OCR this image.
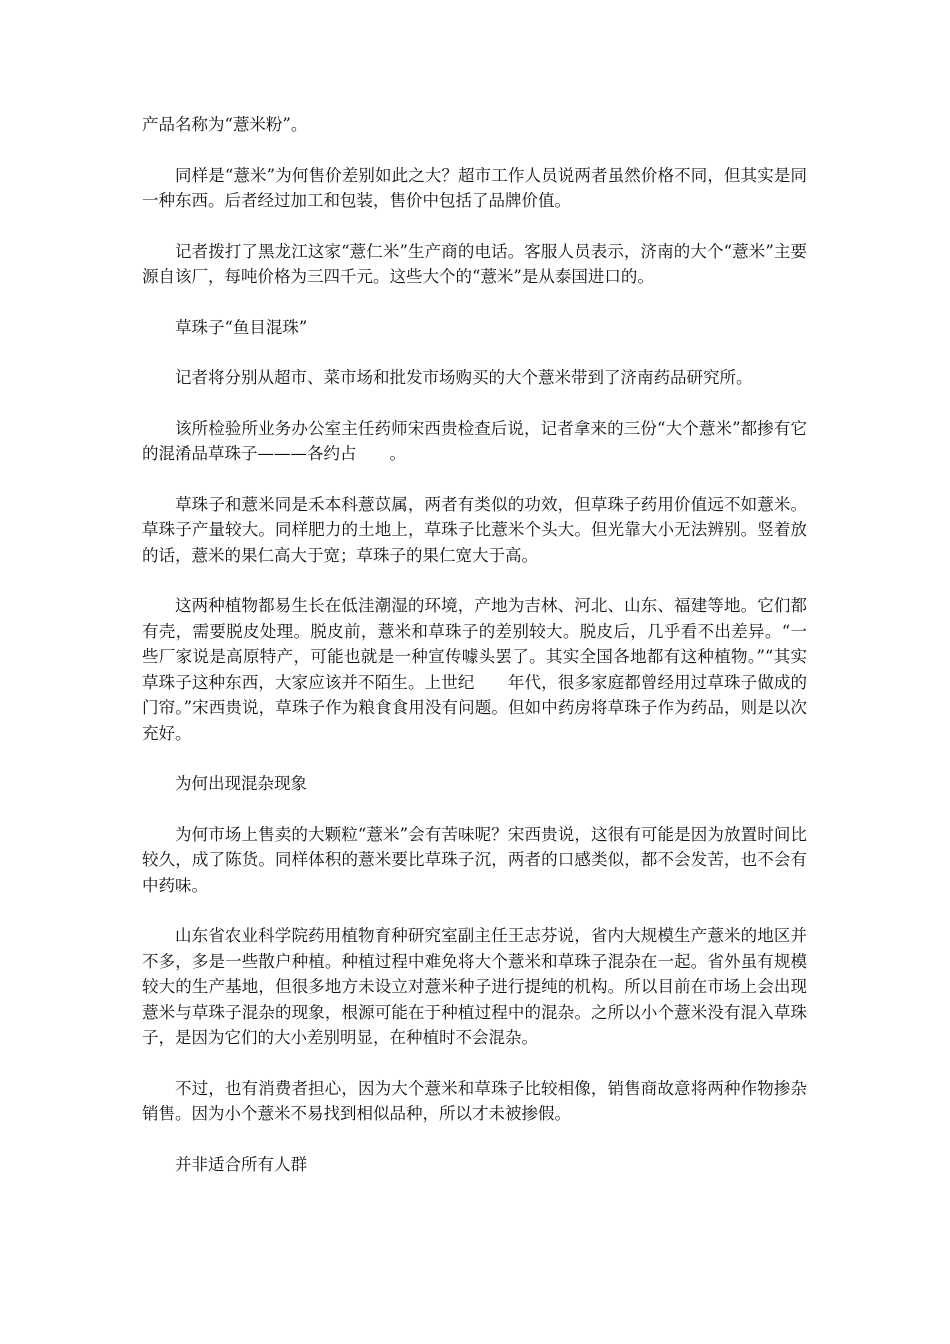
产品名称为“薏米粉”。

同样是“薏米”为何售价差别如此之大？超市工作人员说两者虽然价格不同，但其实是同一种东西。后者经过加工和包装，售价中包括了品牌价值。

记者拨打了黑龙江这家“薏仁米”生产商的电话。客服人员表示，济南的大个“薏米”主要源自该厂，每吨价格为三四千元。这些大个的“薏米”是从泰国进口的。

草珠子“鱼目混珠”

记者将分别从超市、菜市场和批发市场购买的大个薏米带到了济南药品研究所。

该所检验所业务办公室主任药师宋西贵检查后说，记者拿来的三份“大个薏米”都掺有它的混淆品草珠子———各约占　　。

草珠子和薏米同是禾本科薏苡属，两者有类似的功效，但草珠子药用价值远不如薏米。草珠子产量较大。同样肥力的土地上，草珠子比薏米个头大。但光靠大小无法辨别。竖着放的话，薏米的果仁高大于宽；草珠子的果仁宽大于高。

这两种植物都易生长在低洼潮湿的环境，产地为吉林、河北、山东、福建等地。它们都有壳，需要脱皮处理。脱皮前，薏米和草珠子的差别较大。脱皮后，几乎看不出差异。“一些厂家说是高原特产，可能也就是一种宣传噱头罢了。其实全国各地都有这种植物。”“其实草珠子这种东西，大家应该并不陌生。上世纪　　年代，很多家庭都曾经用过草珠子做成的门帘。”宋西贵说，草珠子作为粮食食用没有问题。但如中药房将草珠子作为药品，则是以次充好。

为何出现混杂现象

为何市场上售卖的大颗粒“薏米”会有苦味呢？宋西贵说，这很有可能是因为放置时间比较久，成了陈货。同样体积的薏米要比草珠子沉，两者的口感类似，都不会发苦，也不会有中药味。

山东省农业科学院药用植物育种研究室副主任王志芬说，省内大规模生产薏米的地区并不多，多是一些散户种植。种植过程中难免将大个薏米和草珠子混杂在一起。省外虽有规模较大的生产基地，但很多地方未设立对薏米种子进行提纯的机构。所以目前在市场上会出现薏米与草珠子混杂的现象，根源可能在于种植过程中的混杂。之所以小个薏米没有混入草珠子，是因为它们的大小差别明显，在种植时不会混杂。

不过，也有消费者担心，因为大个薏米和草珠子比较相像，销售商故意将两种作物掺杂销售。因为小个薏米不易找到相似品种，所以才未被掺假。

并非适合所有人群
